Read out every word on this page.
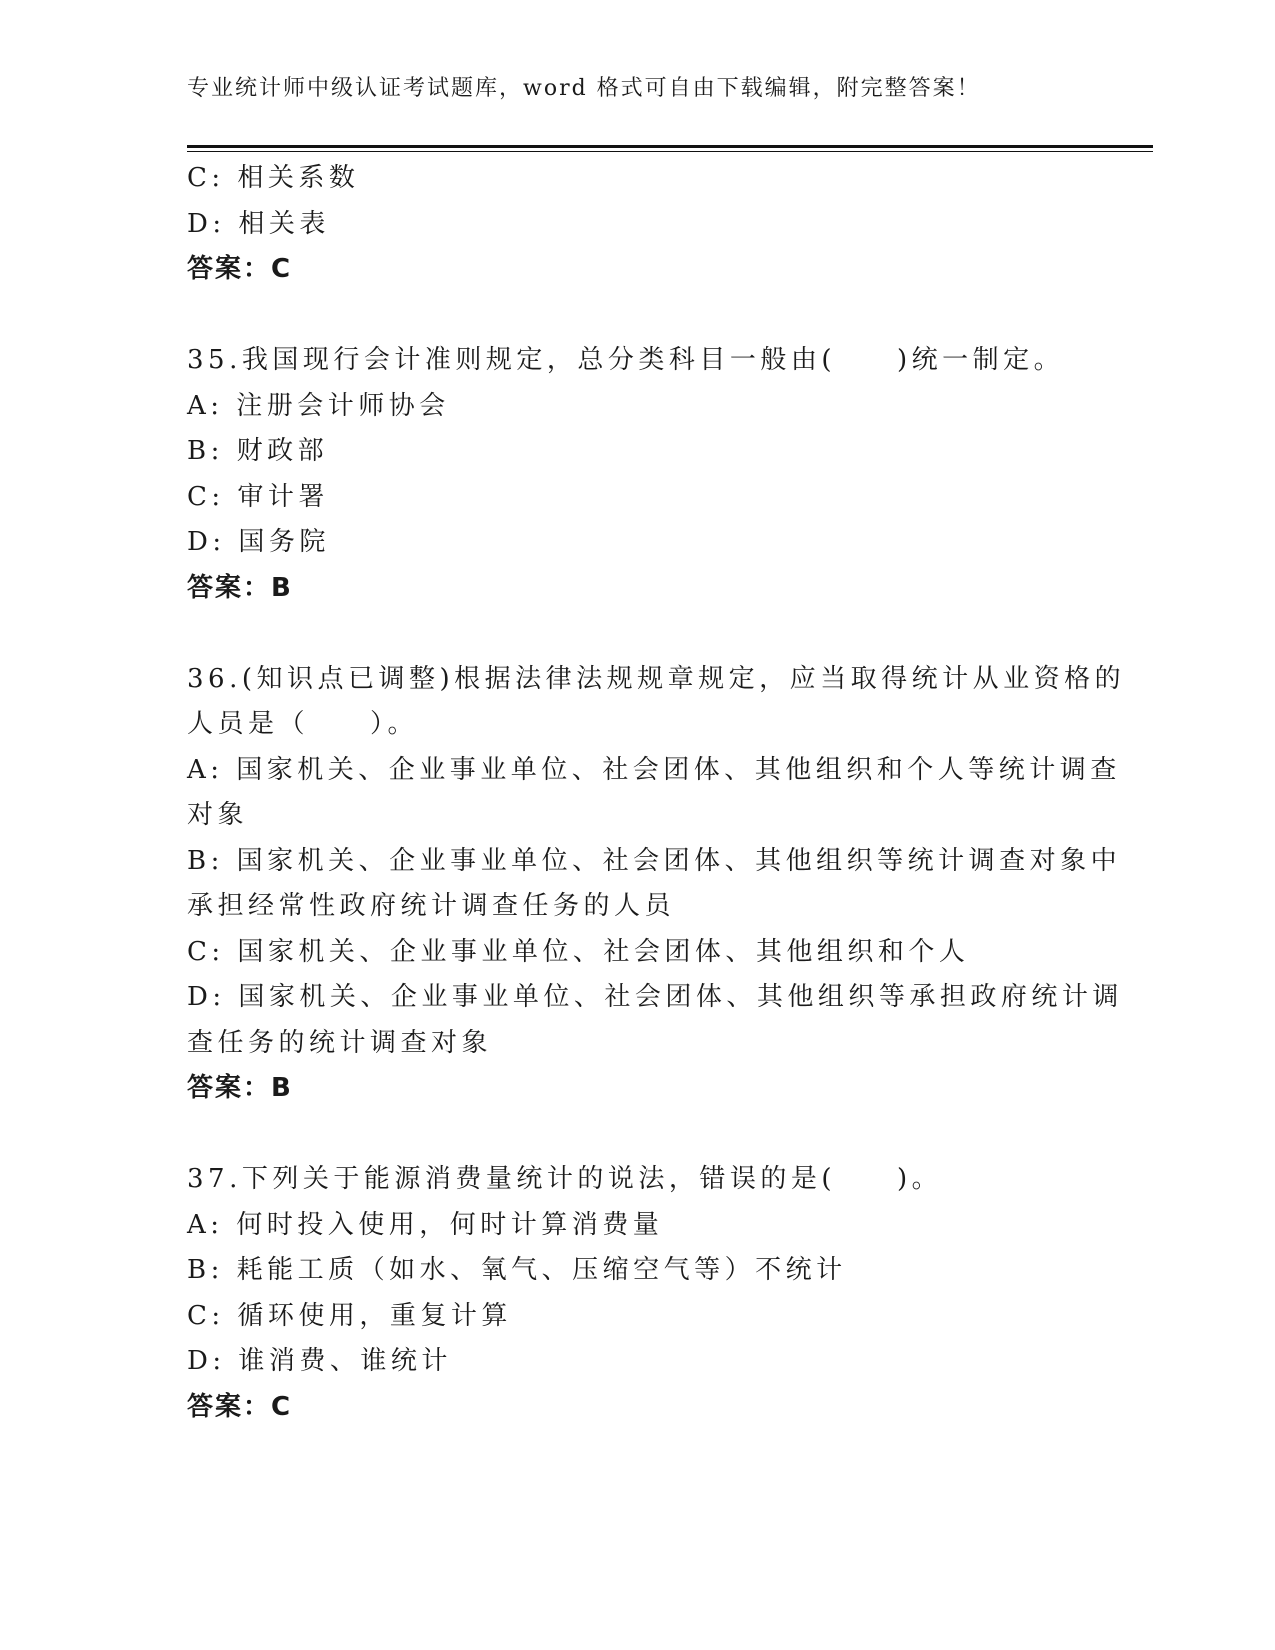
专业统计师中级认证考试题库，word 格式可自由下载编辑，附完整答案！
C: 相关系数
D: 相关表
答案：C
35.我国现行会计准则规定，总分类科目一般由(　　)统一制定。
A: 注册会计师协会
B: 财政部
C: 审计署
D: 国务院
答案：B
36.(知识点已调整)根据法律法规规章规定，应当取得统计从业资格的
人员是（　　）。
A: 国家机关、企业事业单位、社会团体、其他组织和个人等统计调查
对象
B: 国家机关、企业事业单位、社会团体、其他组织等统计调查对象中
承担经常性政府统计调查任务的人员
C: 国家机关、企业事业单位、社会团体、其他组织和个人
D: 国家机关、企业事业单位、社会团体、其他组织等承担政府统计调
查任务的统计调查对象
答案：B
37.下列关于能源消费量统计的说法，错误的是(　　)。
A: 何时投入使用，何时计算消费量
B: 耗能工质（如水、氧气、压缩空气等）不统计
C: 循环使用，重复计算
D: 谁消费、谁统计
答案：C
